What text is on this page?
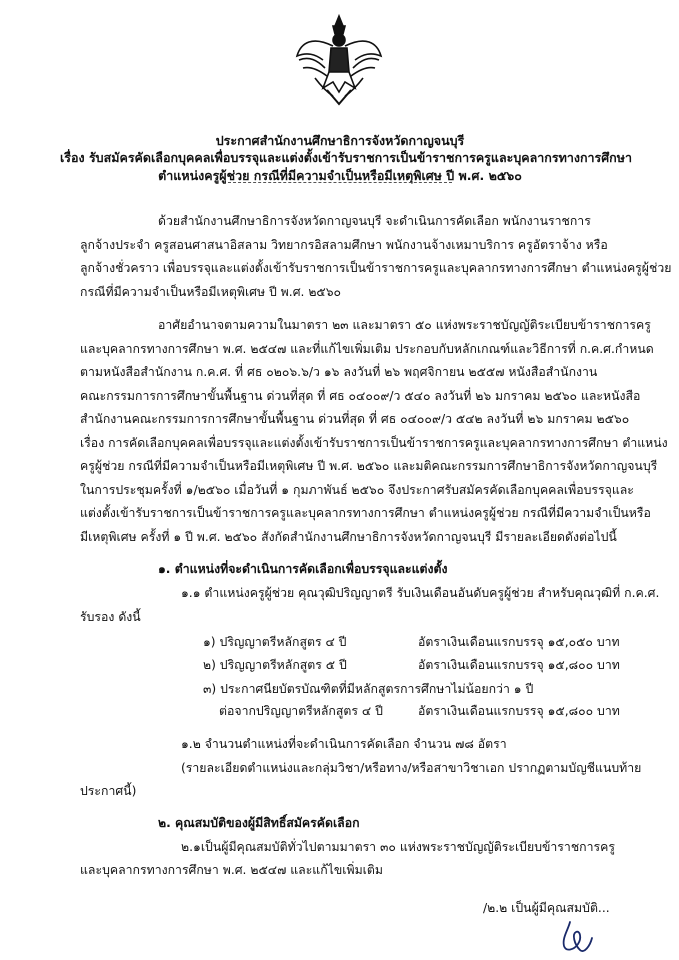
ประกาศสำนักงานศึกษาธิการจังหวัดกาญจนบุรี
เรื่อง รับสมัครคัดเลือกบุคคลเพื่อบรรจุและแต่งตั้งเข้ารับราชการเป็นข้าราชการครูและบุคลากรทางการศึกษา
ตำแหน่งครูผู้ช่วย กรณีที่มีความจำเป็นหรือมีเหตุพิเศษ ปี พ.ศ. ๒๕๖๐
ด้วยสำนักงานศึกษาธิการจังหวัดกาญจนบุรี จะดำเนินการคัดเลือก พนักงานราชการ
ลูกจ้างประจำ ครูสอนศาสนาอิสลาม วิทยากรอิสลามศึกษา พนักงานจ้างเหมาบริการ ครูอัตราจ้าง หรือ
ลูกจ้างชั่วคราว เพื่อบรรจุและแต่งตั้งเข้ารับราชการเป็นข้าราชการครูและบุคลากรทางการศึกษา ตำแหน่งครูผู้ช่วย
กรณีที่มีความจำเป็นหรือมีเหตุพิเศษ ปี พ.ศ. ๒๕๖๐
อาศัยอำนาจตามความในมาตรา ๒๓ และมาตรา ๕๐ แห่งพระราชบัญญัติระเบียบข้าราชการครู
และบุคลากรทางการศึกษา พ.ศ. ๒๕๔๗ และที่แก้ไขเพิ่มเติม ประกอบกับหลักเกณฑ์และวิธีการที่ ก.ค.ศ.กำหนด
ตามหนังสือสำนักงาน ก.ค.ศ. ที่ ศธ ๐๒๐๖.๖/ว ๑๖ ลงวันที่ ๒๖ พฤศจิกายน ๒๕๕๗ หนังสือสำนักงาน
คณะกรรมการการศึกษาขั้นพื้นฐาน ด่วนที่สุด ที่ ศธ ๐๔๐๐๙/ว ๕๔๐ ลงวันที่ ๒๖ มกราคม ๒๕๖๐ และหนังสือ
สำนักงานคณะกรรมการการศึกษาขั้นพื้นฐาน ด่วนที่สุด ที่ ศธ ๐๔๐๐๙/ว ๕๔๒ ลงวันที่ ๒๖ มกราคม ๒๕๖๐
เรื่อง การคัดเลือกบุคคลเพื่อบรรจุและแต่งตั้งเข้ารับราชการเป็นข้าราชการครูและบุคลากรทางการศึกษา ตำแหน่ง
ครูผู้ช่วย กรณีที่มีความจำเป็นหรือมีเหตุพิเศษ ปี พ.ศ. ๒๕๖๐ และมติคณะกรรมการศึกษาธิการจังหวัดกาญจนบุรี
ในการประชุมครั้งที่ ๑/๒๕๖๐ เมื่อวันที่ ๑ กุมภาพันธ์ ๒๕๖๐ จึงประกาศรับสมัครคัดเลือกบุคคลเพื่อบรรจุและ
แต่งตั้งเข้ารับราชการเป็นข้าราชการครูและบุคลากรทางการศึกษา ตำแหน่งครูผู้ช่วย กรณีที่มีความจำเป็นหรือ
มีเหตุพิเศษ ครั้งที่ ๑ ปี พ.ศ. ๒๕๖๐ สังกัดสำนักงานศึกษาธิการจังหวัดกาญจนบุรี มีรายละเอียดดังต่อไปนี้
๑. ตำแหน่งที่จะดำเนินการคัดเลือกเพื่อบรรจุและแต่งตั้ง
๑.๑ ตำแหน่งครูผู้ช่วย คุณวุฒิปริญญาตรี รับเงินเดือนอันดับครูผู้ช่วย สำหรับคุณวุฒิที่ ก.ค.ศ.
รับรอง ดังนี้
๑) ปริญญาตรีหลักสูตร ๔ ปี	อัตราเงินเดือนแรกบรรจุ ๑๕,๐๕๐ บาท
๒) ปริญญาตรีหลักสูตร ๕ ปี	อัตราเงินเดือนแรกบรรจุ ๑๕,๘๐๐ บาท
๓) ประกาศนียบัตรบัณฑิตที่มีหลักสูตรการศึกษาไม่น้อยกว่า ๑ ปี
ต่อจากปริญญาตรีหลักสูตร ๔ ปี	อัตราเงินเดือนแรกบรรจุ ๑๕,๘๐๐ บาท
๑.๒ จำนวนตำแหน่งที่จะดำเนินการคัดเลือก จำนวน ๗๘ อัตรา
(รายละเอียดตำแหน่งและกลุ่มวิชา/หรือทาง/หรือสาขาวิชาเอก ปรากฏตามบัญชีแนบท้าย
ประกาศนี้)
๒. คุณสมบัติของผู้มีสิทธิ์สมัครคัดเลือก
๒.๑เป็นผู้มีคุณสมบัติทั่วไปตามมาตรา ๓๐ แห่งพระราชบัญญัติระเบียบข้าราชการครู
และบุคลากรทางการศึกษา พ.ศ. ๒๕๔๗ และแก้ไขเพิ่มเติม
/๒.๒ เป็นผู้มีคุณสมบัติ...
